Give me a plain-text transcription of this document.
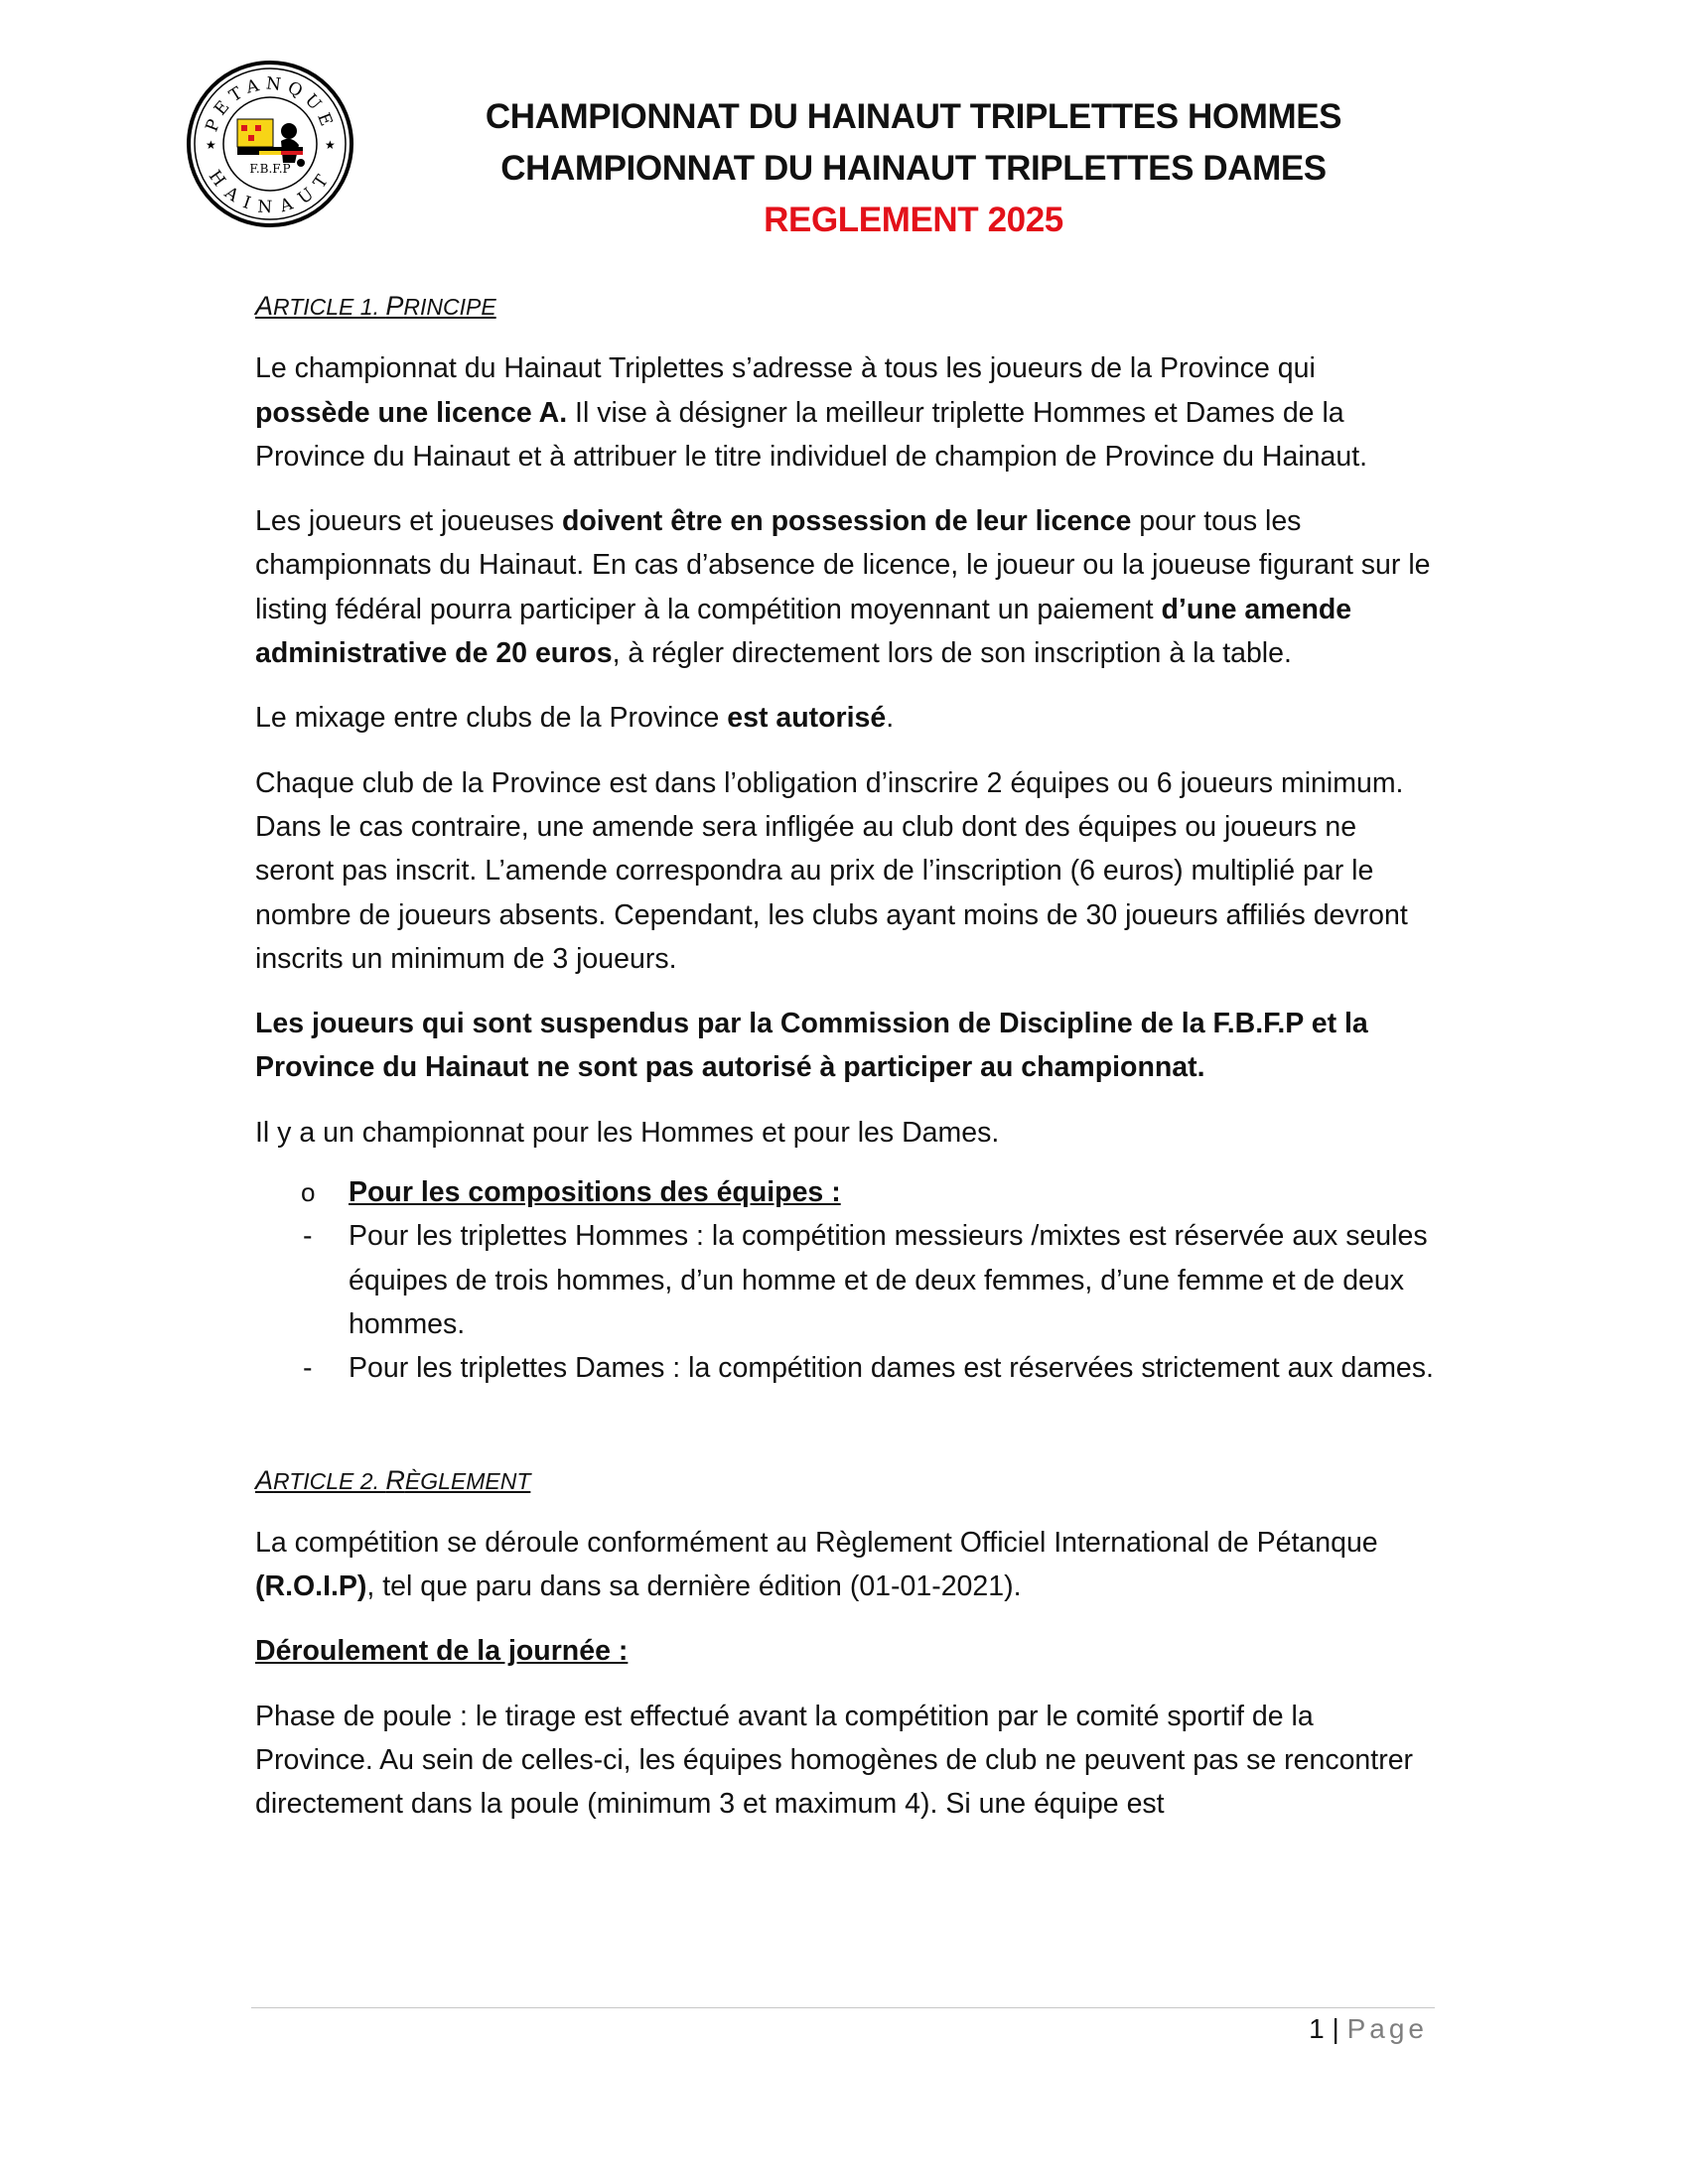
PETANQUE
HAINAUT
★	★
F.B.F.P
CHAMPIONNAT DU HAINAUT TRIPLETTES HOMMES
CHAMPIONNAT DU HAINAUT TRIPLETTES DAMES
REGLEMENT 2025
ARTICLE 1. PRINCIPE

Le championnat du Hainaut Triplettes s’adresse à tous les joueurs de la Province qui possède une licence A. Il vise à désigner la meilleur triplette Hommes et Dames de la Province du Hainaut et à attribuer le titre individuel de champion de Province du Hainaut.

Les joueurs et joueuses doivent être en possession de leur licence pour tous les championnats du Hainaut. En cas d’absence de licence, le joueur ou la joueuse figurant sur le listing fédéral pourra participer à la compétition moyennant un paiement d’une amende administrative de 20 euros, à régler directement lors de son inscription à la table.

Le mixage entre clubs de la Province est autorisé.

Chaque club de la Province est dans l’obligation d’inscrire 2 équipes ou 6 joueurs minimum. Dans le cas contraire, une amende sera infligée au club dont des équipes ou joueurs ne seront pas inscrit. L’amende correspondra au prix de l’inscription (6 euros) multiplié par le nombre de joueurs absents. Cependant, les clubs ayant moins de 30 joueurs affiliés devront inscrits un minimum de 3 joueurs.

Les joueurs qui sont suspendus par la Commission de Discipline de la F.B.F.P et la Province du Hainaut ne sont pas autorisé à participer au championnat.

Il y a un championnat pour les Hommes et pour les Dames.

o Pour les compositions des équipes :
- Pour les triplettes Hommes : la compétition messieurs /mixtes est réservée aux seules équipes de trois hommes, d’un homme et de deux femmes, d’une femme et de deux hommes.
- Pour les triplettes Dames : la compétition dames est réservées strictement aux dames.
ARTICLE 2. RÈGLEMENT

La compétition se déroule conformément au Règlement Officiel International de Pétanque (R.O.I.P), tel que paru dans sa dernière édition (01-01-2021).

Déroulement de la journée :

Phase de poule : le tirage est effectué avant la compétition par le comité sportif de la Province. Au sein de celles-ci, les équipes homogènes de club ne peuvent pas se rencontrer directement dans la poule (minimum 3 et maximum 4). Si une équipe est

1 | Page
